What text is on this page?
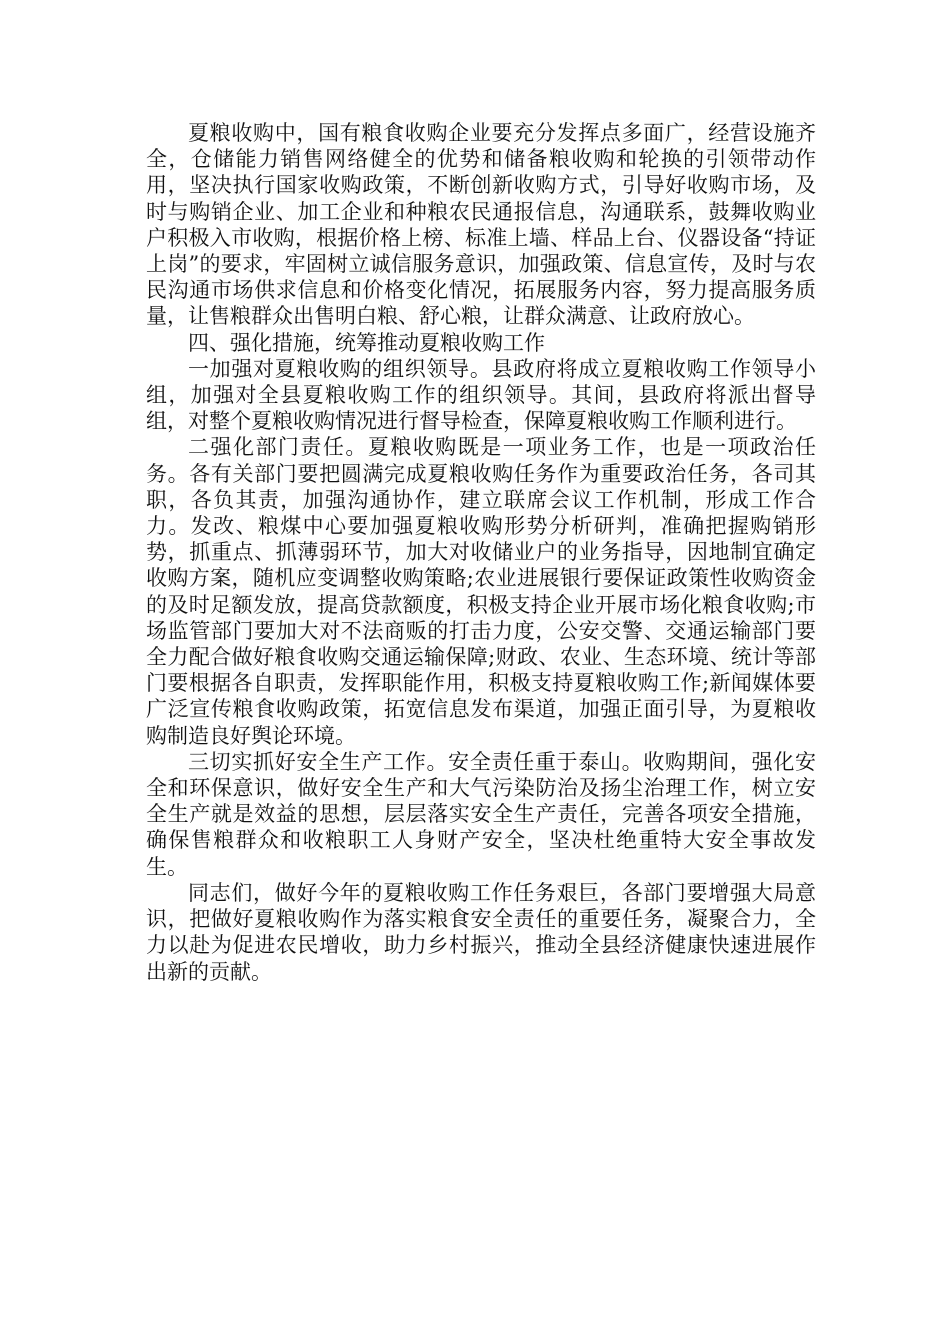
夏粮收购中，国有粮食收购企业要充分发挥点多面广，经营设施齐全，仓储能力销售网络健全的优势和储备粮收购和轮换的引领带动作用，坚决执行国家收购政策，不断创新收购方式，引导好收购市场，及时与购销企业、加工企业和种粮农民通报信息，沟通联系，鼓舞收购业户积极入市收购，根据价格上榜、标准上墙、样品上台、仪器设备“持证上岗”的要求，牢固树立诚信服务意识，加强政策、信息宣传，及时与农民沟通市场供求信息和价格变化情况，拓展服务内容，努力提高服务质量，让售粮群众出售明白粮、舒心粮，让群众满意、让政府放心。

四、强化措施，统筹推动夏粮收购工作

一加强对夏粮收购的组织领导。县政府将成立夏粮收购工作领导小组，加强对全县夏粮收购工作的组织领导。其间，县政府将派出督导组，对整个夏粮收购情况进行督导检查，保障夏粮收购工作顺利进行。

二强化部门责任。夏粮收购既是一项业务工作，也是一项政治任务。各有关部门要把圆满完成夏粮收购任务作为重要政治任务，各司其职，各负其责，加强沟通协作，建立联席会议工作机制，形成工作合力。发改、粮煤中心要加强夏粮收购形势分析研判，准确把握购销形势，抓重点、抓薄弱环节，加大对收储业户的业务指导，因地制宜确定收购方案，随机应变调整收购策略;农业进展银行要保证政策性收购资金的及时足额发放，提高贷款额度，积极支持企业开展市场化粮食收购;市场监管部门要加大对不法商贩的打击力度，公安交警、交通运输部门要全力配合做好粮食收购交通运输保障;财政、农业、生态环境、统计等部门要根据各自职责，发挥职能作用，积极支持夏粮收购工作;新闻媒体要广泛宣传粮食收购政策，拓宽信息发布渠道，加强正面引导，为夏粮收购制造良好舆论环境。

三切实抓好安全生产工作。安全责任重于泰山。收购期间，强化安全和环保意识，做好安全生产和大气污染防治及扬尘治理工作，树立安全生产就是效益的思想，层层落实安全生产责任，完善各项安全措施，确保售粮群众和收粮职工人身财产安全，坚决杜绝重特大安全事故发生。

同志们，做好今年的夏粮收购工作任务艰巨，各部门要增强大局意识，把做好夏粮收购作为落实粮食安全责任的重要任务，凝聚合力，全力以赴为促进农民增收，助力乡村振兴，推动全县经济健康快速进展作出新的贡献。
